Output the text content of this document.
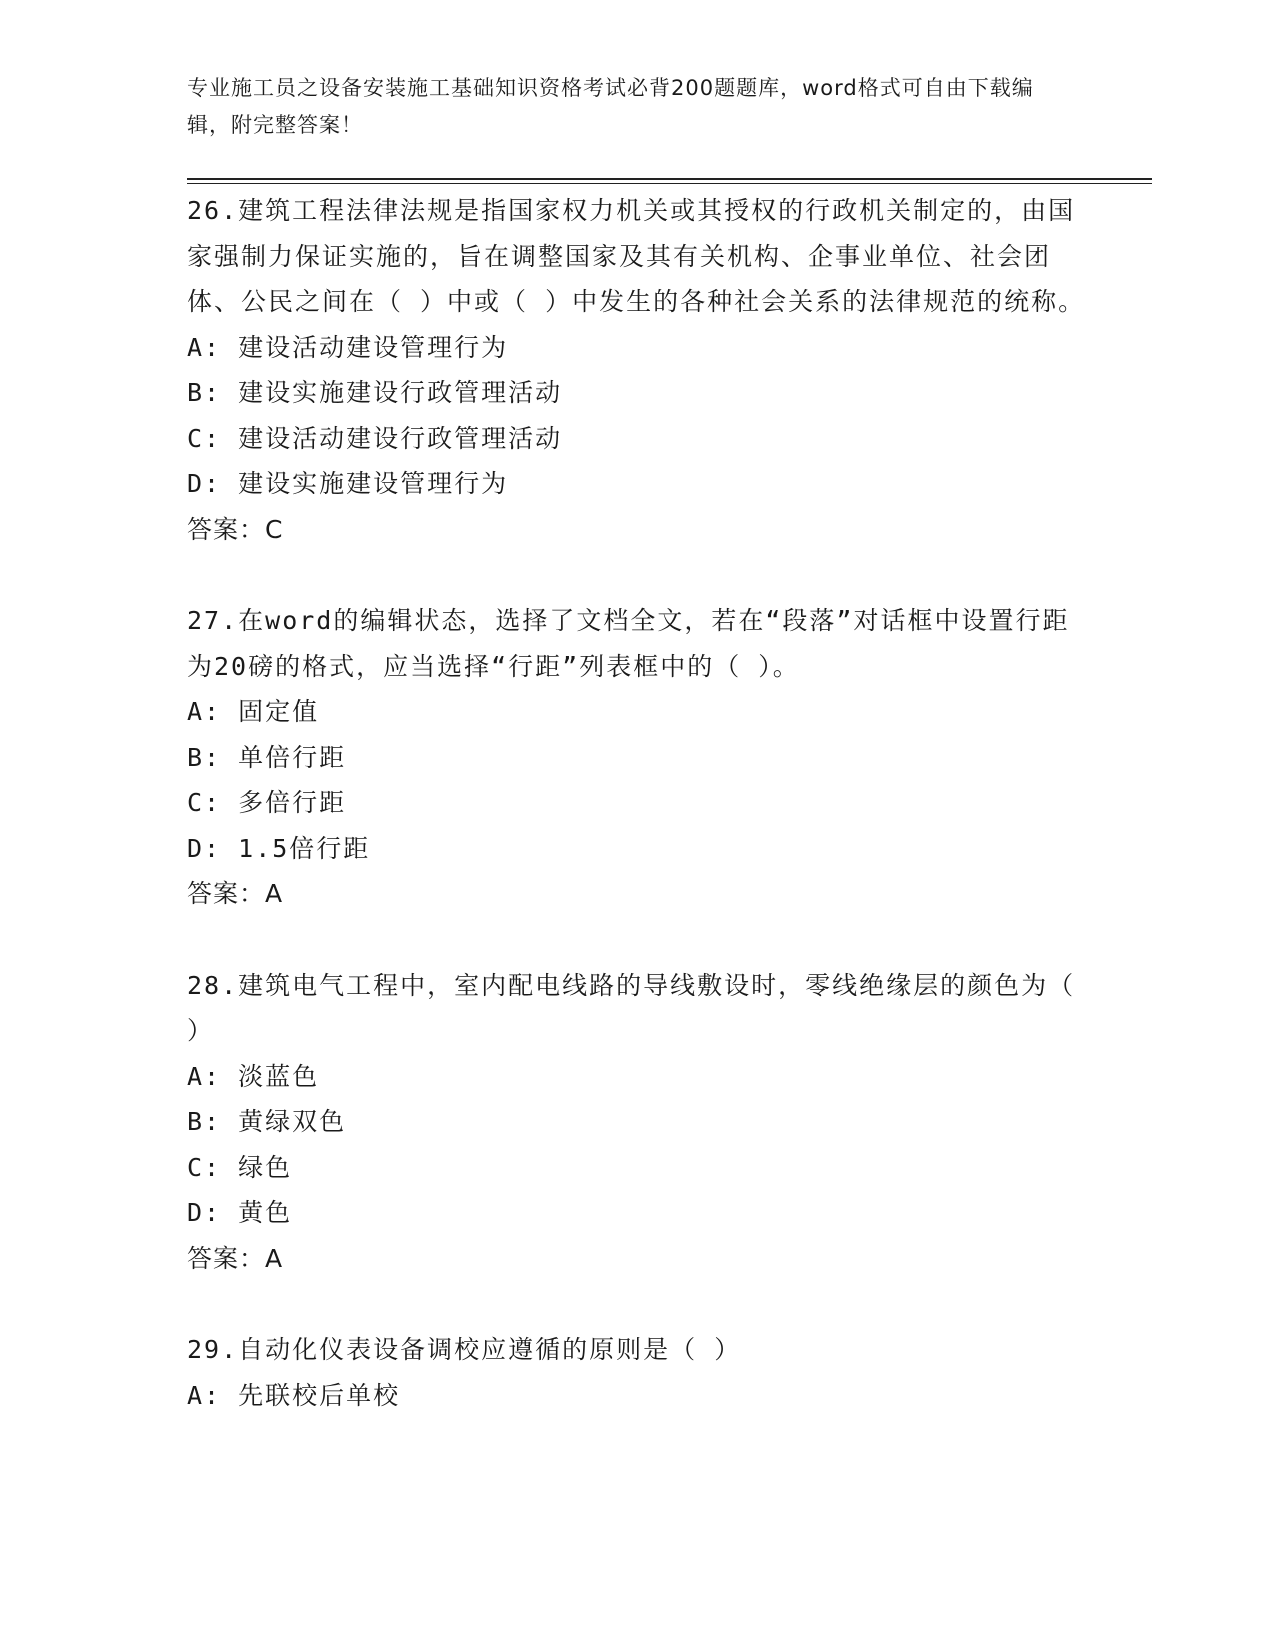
专业施工员之设备安装施工基础知识资格考试必背200题题库，word格式可自由下载编辑，附完整答案！

26.建筑工程法律法规是指国家权力机关或其授权的行政机关制定的，由国家强制力保证实施的，旨在调整国家及其有关机构、企事业单位、社会团体、公民之间在（ ）中或（ ）中发生的各种社会关系的法律规范的统称。

A: 建设活动建设管理行为

B: 建设实施建设行政管理活动

C: 建设活动建设行政管理活动

D: 建设实施建设管理行为

答案：C

27.在word的编辑状态，选择了文档全文，若在“段落”对话框中设置行距为20磅的格式，应当选择“行距”列表框中的（ ）。

A: 固定值

B: 单倍行距

C: 多倍行距

D: 1.5倍行距

答案：A

28.建筑电气工程中，室内配电线路的导线敷设时，零线绝缘层的颜色为（ ）

A: 淡蓝色

B: 黄绿双色

C: 绿色

D: 黄色

答案：A

29.自动化仪表设备调校应遵循的原则是（ ）

A: 先联校后单校
